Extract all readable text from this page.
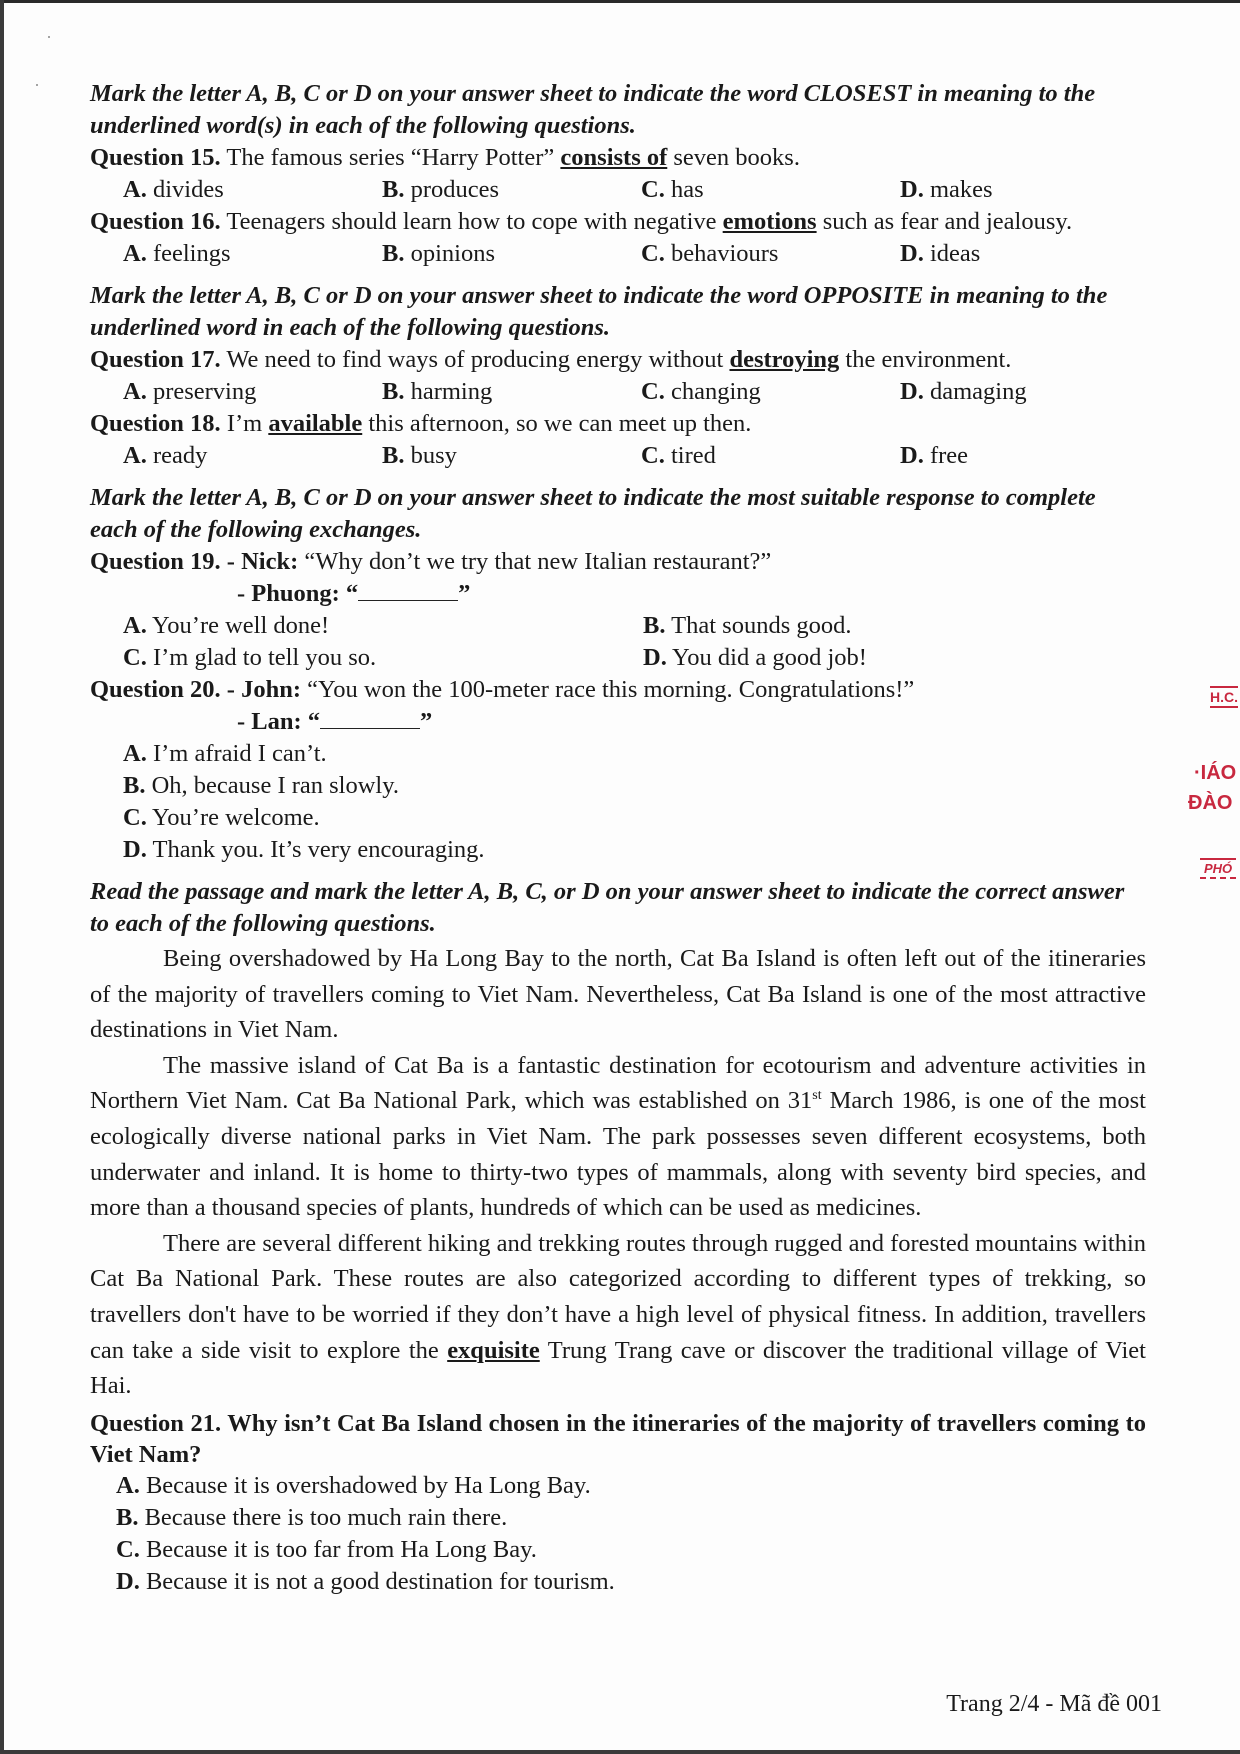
Mark the letter A, B, C or D on your answer sheet to indicate the word CLOSEST in meaning to the underlined word(s) in each of the following questions.
Question 15. The famous series “Harry Potter” consists of seven books.
A. divides	B. produces	C. has	D. makes
Question 16. Teenagers should learn how to cope with negative emotions such as fear and jealousy.
A. feelings	B. opinions	C. behaviours	D. ideas
Mark the letter A, B, C or D on your answer sheet to indicate the word OPPOSITE in meaning to the underlined word in each of the following questions.
Question 17. We need to find ways of producing energy without destroying the environment.
A. preserving	B. harming	C. changing	D. damaging
Question 18. I’m available this afternoon, so we can meet up then.
A. ready	B. busy	C. tired	D. free
Mark the letter A, B, C or D on your answer sheet to indicate the most suitable response to complete each of the following exchanges.
Question 19. - Nick: “Why don’t we try that new Italian restaurant?”
- Phuong: “	”
A. You’re well done!	B. That sounds good.
C. I’m glad to tell you so.	D. You did a good job!
Question 20. - John: “You won the 100-meter race this morning. Congratulations!”
- Lan: “	”
A. I’m afraid I can’t.
B. Oh, because I ran slowly.
C. You’re welcome.
D. Thank you. It’s very encouraging.
Read the passage and mark the letter A, B, C, or D on your answer sheet to indicate the correct answer to each of the following questions.

Being overshadowed by Ha Long Bay to the north, Cat Ba Island is often left out of the itineraries of the majority of travellers coming to Viet Nam. Nevertheless, Cat Ba Island is one of the most attractive destinations in Viet Nam.

The massive island of Cat Ba is a fantastic destination for ecotourism and adventure activities in Northern Viet Nam. Cat Ba National Park, which was established on 31st March 1986, is one of the most ecologically diverse national parks in Viet Nam. The park possesses seven different ecosystems, both underwater and inland. It is home to thirty-two types of mammals, along with seventy bird species, and more than a thousand species of plants, hundreds of which can be used as medicines.

There are several different hiking and trekking routes through rugged and forested mountains within Cat Ba National Park. These routes are also categorized according to different types of trekking, so travellers don't have to be worried if they don’t have a high level of physical fitness. In addition, travellers can take a side visit to explore the exquisite Trung Trang cave or discover the traditional village of Viet Hai.

Question 21. Why isn’t Cat Ba Island chosen in the itineraries of the majority of travellers coming to Viet Nam?
A. Because it is overshadowed by Ha Long Bay.
B. Because there is too much rain there.
C. Because it is too far from Ha Long Bay.
D. Because it is not a good destination for tourism.
Trang 2/4 - Mã đề 001
H.C.
·IÁO
ĐÀO
PHÓ
